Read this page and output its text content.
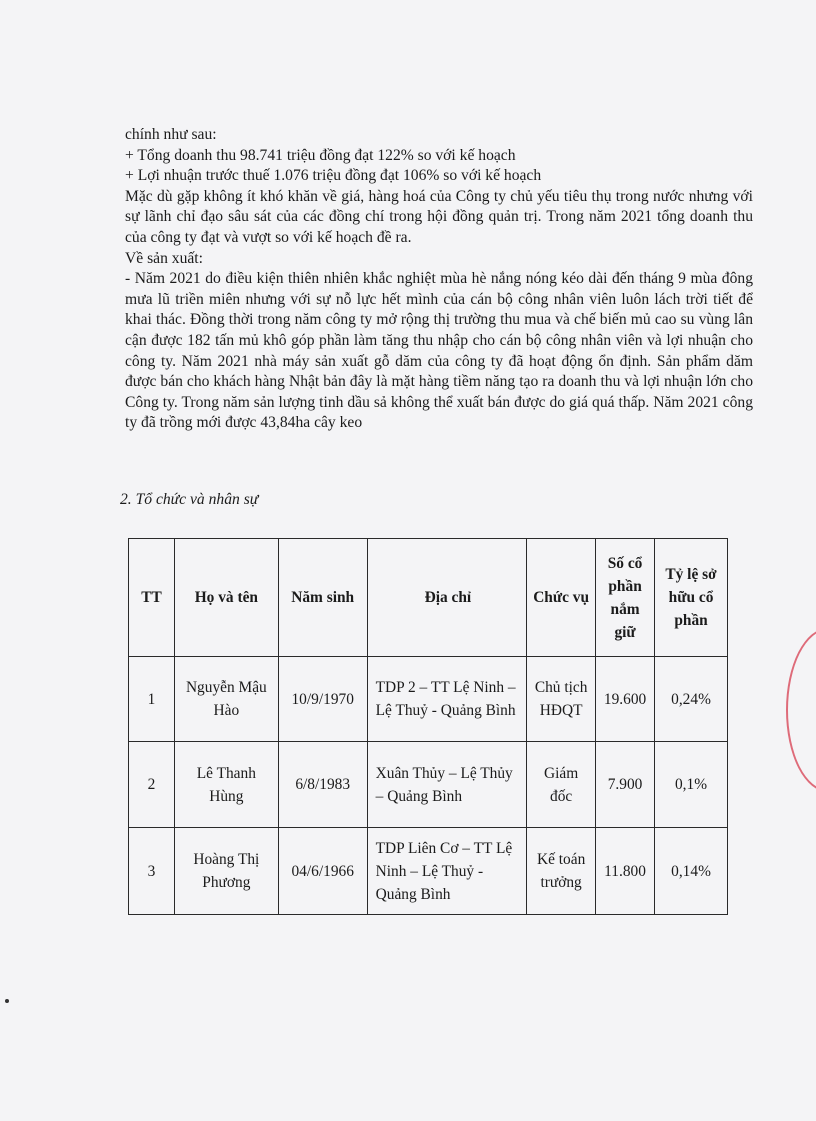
chính như sau:

+ Tổng doanh thu 98.741 triệu đồng đạt 122% so với kế hoạch

+ Lợi nhuận trước thuế 1.076 triệu đồng đạt 106% so với kế hoạch

Mặc dù gặp không ít khó khăn về giá, hàng hoá của Công ty chủ yếu tiêu thụ trong nước nhưng với sự lãnh chỉ đạo sâu sát của các đồng chí trong hội đồng quản trị. Trong năm 2021 tổng doanh thu của công ty đạt và vượt so với kế hoạch đề ra.

Về sản xuất:

- Năm 2021 do điều kiện thiên nhiên khắc nghiệt mùa hè nắng nóng kéo dài đến tháng 9 mùa đông mưa lũ triền miên nhưng với sự nỗ lực hết mình của cán bộ công nhân viên luôn lách trời tiết để khai thác. Đồng thời trong năm công ty mở rộng thị trường thu mua và chế biến mủ cao su vùng lân cận được 182 tấn mủ khô góp phần làm tăng thu nhập cho cán bộ công nhân viên và lợi nhuận cho công ty. Năm 2021 nhà máy sản xuất gỗ dăm của công ty đã hoạt động ổn định. Sản phẩm dăm được bán cho khách hàng Nhật bản đây là mặt hàng tiềm năng tạo ra doanh thu và lợi nhuận lớn cho Công ty. Trong năm sản lượng tinh dầu sả không thể xuất bán được do giá quá thấp. Năm 2021 công ty đã trồng mới được 43,84ha cây keo

2. Tổ chức và nhân sự
TT	Họ và tên	Năm sinh	Địa chỉ	Chức vụ	Số cổ phần nắm giữ	Tỷ lệ sở hữu cổ phần
1	Nguyễn Mậu Hào	10/9/1970	TDP 2 – TT Lệ Ninh – Lệ Thuỷ - Quảng Bình	Chủ tịch HĐQT	19.600	0,24%
2	Lê Thanh Hùng	6/8/1983	Xuân Thủy – Lệ Thủy – Quảng Bình	Giám đốc	7.900	0,1%
3	Hoàng Thị Phương	04/6/1966	TDP Liên Cơ – TT Lệ Ninh – Lệ Thuỷ - Quảng Bình	Kế toán trưởng	11.800	0,14%
